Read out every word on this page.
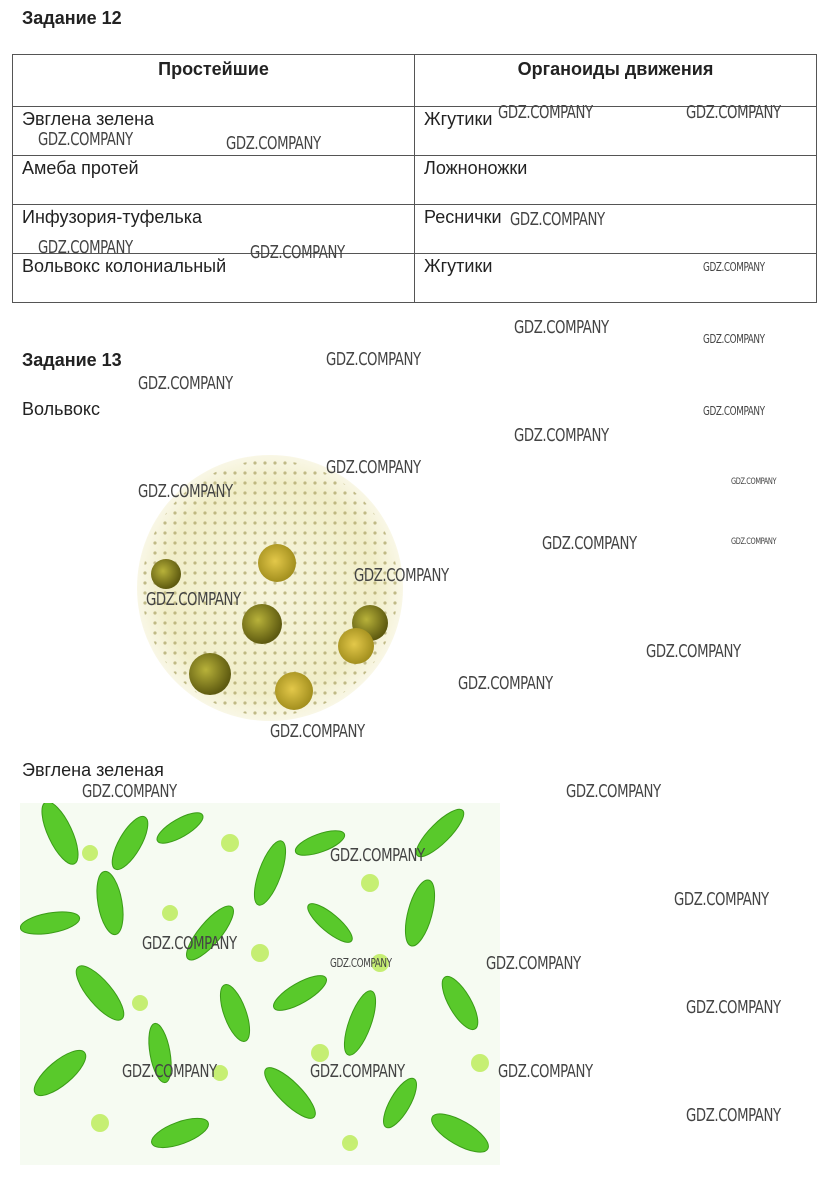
Задание 12
Простейшие	Органоиды движения
Эвглена зелена	Жгутики
Амеба протей	Ложноножки
Инфузория-туфелька	Реснички
Вольвокс колониальный	Жгутики
Задание 13
Вольвокс
Эвглена зеленая
GDZ.COMPANY	GDZ.COMPANY
GDZ.COMPANY	GDZ.COMPANY
GDZ.COMPANY
GDZ.COMPANY	GDZ.COMPANY
GDZ.COMPANY
GDZ.COMPANY
GDZ.COMPANY
GDZ.COMPANY
GDZ.COMPANY
GDZ.COMPANY
GDZ.COMPANY
GDZ.COMPANY
GDZ.COMPANY
GDZ.COMPANY
GDZ.COMPANY	GDZ.COMPANY
GDZ.COMPANY
GDZ.COMPANY
GDZ.COMPANY
GDZ.COMPANY
GDZ.COMPANY
GDZ.COMPANY	GDZ.COMPANY
GDZ.COMPANY
GDZ.COMPANY
GDZ.COMPANY
GDZ.COMPANY	GDZ.COMPANY
GDZ.COMPANY
GDZ.COMPANY	GDZ.COMPANY	GDZ.COMPANY
GDZ.COMPANY
